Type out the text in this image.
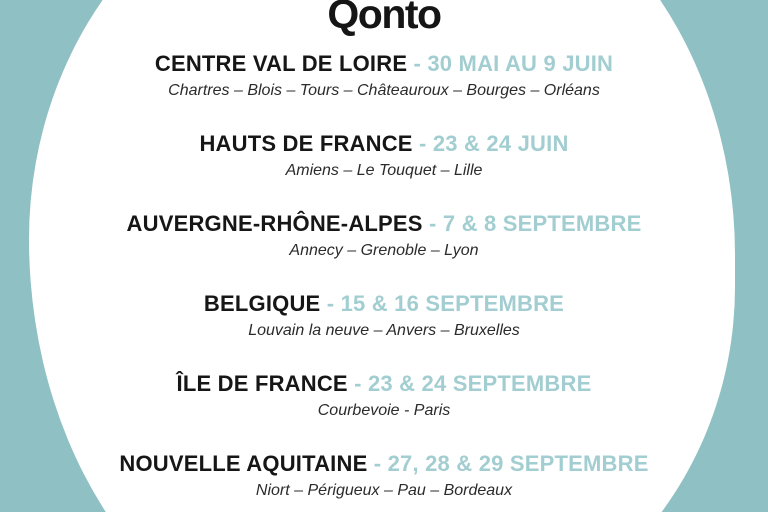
Qonto
CENTRE VAL DE LOIRE - 30 MAI AU 9 JUIN

Chartres – Blois – Tours – Châteauroux – Bourges – Orléans

HAUTS DE FRANCE - 23 & 24 JUIN

Amiens – Le Touquet – Lille

AUVERGNE-RHÔNE-ALPES - 7 & 8 SEPTEMBRE

Annecy – Grenoble – Lyon

BELGIQUE - 15 & 16 SEPTEMBRE

Louvain la neuve – Anvers – Bruxelles

ÎLE DE FRANCE - 23 & 24 SEPTEMBRE

Courbevoie - Paris

NOUVELLE AQUITAINE - 27, 28 & 29 SEPTEMBRE

Niort – Périgueux – Pau – Bordeaux
